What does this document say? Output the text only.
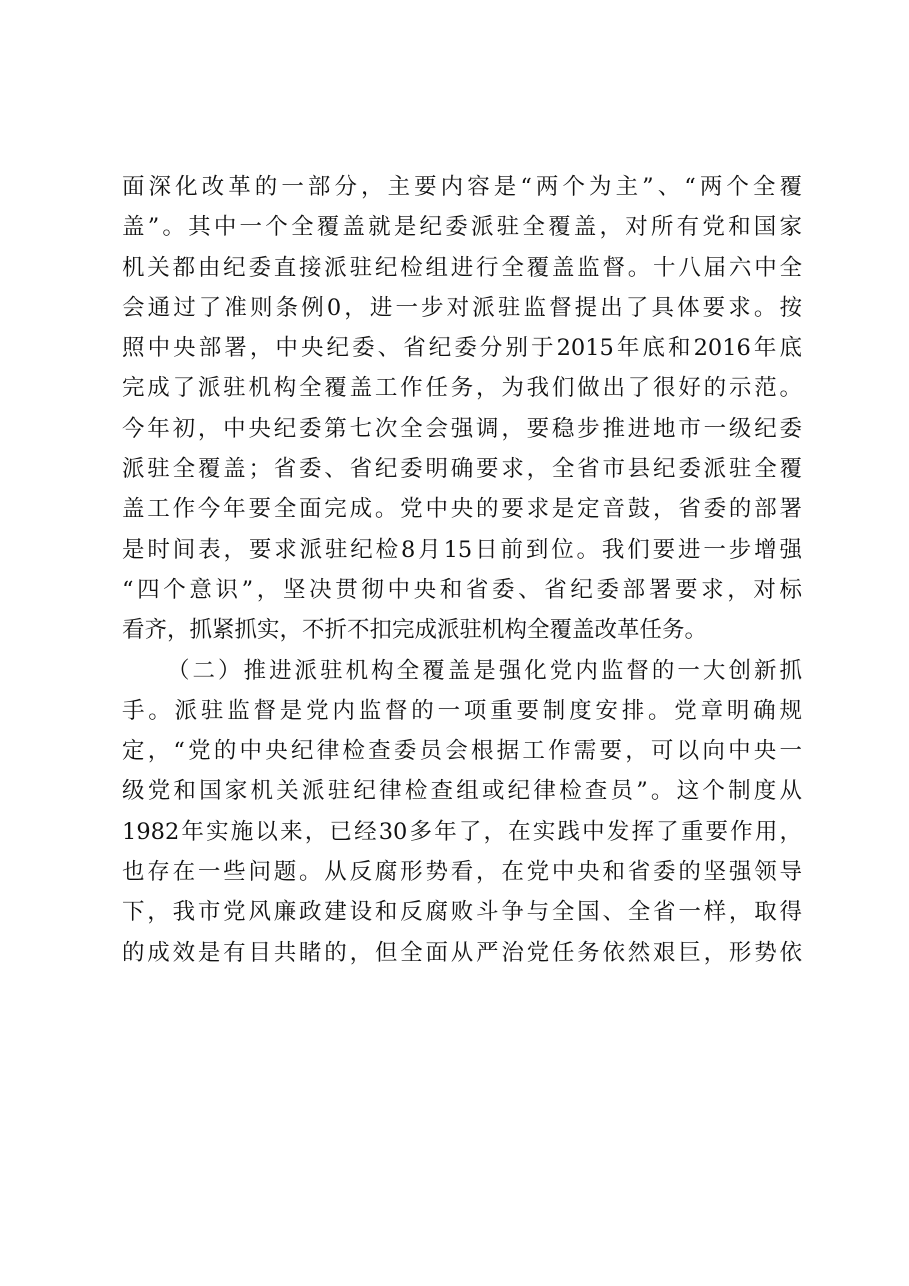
面深化改革的一部分，主要内容是“两个为主”、“两个全覆
盖”。其中一个全覆盖就是纪委派驻全覆盖，对所有党和国家
机关都由纪委直接派驻纪检组进行全覆盖监督。十八届六中全
会通过了准则条例0，进一步对派驻监督提出了具体要求。按
照中央部署，中央纪委、省纪委分别于2015年底和2016年底
完成了派驻机构全覆盖工作任务，为我们做出了很好的示范。
今年初，中央纪委第七次全会强调，要稳步推进地市一级纪委
派驻全覆盖；省委、省纪委明确要求，全省市县纪委派驻全覆
盖工作今年要全面完成。党中央的要求是定音鼓，省委的部署
是时间表，要求派驻纪检8月15日前到位。我们要进一步增强
“四个意识”，坚决贯彻中央和省委、省纪委部署要求，对标
看齐，抓紧抓实，不折不扣完成派驻机构全覆盖改革任务。
（二）推进派驻机构全覆盖是强化党内监督的一大创新抓
手。派驻监督是党内监督的一项重要制度安排。党章明确规
定，“党的中央纪律检查委员会根据工作需要，可以向中央一
级党和国家机关派驻纪律检查组或纪律检查员”。这个制度从
1982年实施以来，已经30多年了，在实践中发挥了重要作用，
也存在一些问题。从反腐形势看，在党中央和省委的坚强领导
下，我市党风廉政建设和反腐败斗争与全国、全省一样，取得
的成效是有目共睹的，但全面从严治党任务依然艰巨，形势依
